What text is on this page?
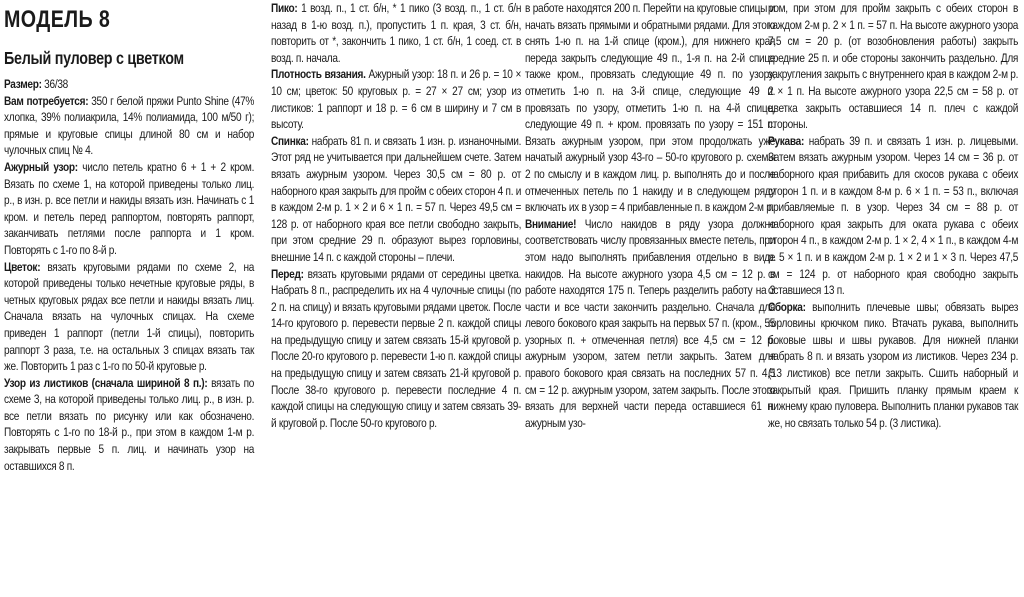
МОДЕЛЬ 8
Белый пуловер с цветком
Размер: 36/38
Вам потребуется: 350 г белой пряжи Punto Shine (47% хлопка, 39% полиакрила, 14% полиамида, 100 м/50 г); прямые и круговые спицы длиной 80 см и набор чулочных спиц № 4.
Ажурный узор: число петель кратно 6 + 1 + 2 кром. Вязать по схеме 1, на которой приведены только лиц. р., в изн. р. все петли и накиды вязать изн. Начинать с 1 кром. и петель перед раппортом, повторять раппорт, заканчивать петлями после раппорта и 1 кром. Повторять с 1-го по 8-й р.
Цветок: вязать круговыми рядами по схеме 2, на которой приведены только нечетные круговые ряды, в четных круговых рядах все петли и накиды вязать лиц. Сначала вязать на чулочных спицах. На схеме приведен 1 раппорт (петли 1-й спицы), повторить раппорт 3 раза, т.е. на остальных 3 спицах вязать так же. Повторить 1 раз с 1-го по 50-й круговые р.
Узор из листиков (сначала шириной 8 п.): вязать по схеме 3, на которой приведены только лиц. р., в изн. р. все петли вязать по рисунку или как обозначено. Повторять с 1-го по 18-й р., при этом в каждом 1-м р. закрывать первые 5 п. лиц. и начинать узор на оставшихся 8 п.
Пико: 1 возд. п., 1 ст. б/н, * 1 пико (3 возд. п., 1 ст. б/н назад в 1-ю возд. п.), пропустить 1 п. края, 3 ст. б/н, повторить от *, закончить 1 пико, 1 ст. б/н, 1 соед. ст. в возд. п. начала.
Плотность вязания. Ажурный узор: 18 п. и 26 р. = 10 × 10 см; цветок: 50 круговых р. = 27 × 27 см; узор из листиков: 1 раппорт и 18 р. = 6 см в ширину и 7 см в высоту.
Спинка: набрать 81 п. и связать 1 изн. р. изнаночными. Этот ряд не учитывается при дальнейшем счете. Затем вязать ажурным узором. Через 30,5 см = 80 р. от наборного края закрыть для пройм с обеих сторон 4 п. и в каждом 2-м р. 1 × 2 и 6 × 1 п. = 57 п. Через 49,5 см = 128 р. от наборного края все петли свободно закрыть, при этом средние 29 п. образуют вырез горловины, внешние 14 п. с каждой стороны – плечи.
Перед: вязать круговыми рядами от середины цветка. Набрать 8 п., распределить их на 4 чулочные спицы (по 2 п. на спицу) и вязать круговыми рядами цветок. После 14-го кругового р. перевести первые 2 п. каждой спицы на предыдущую спицу и затем связать 15-й круговой р. После 20-го кругового р. перевести 1-ю п. каждой спицы на предыдущую спицу и затем связать 21-й круговой р. После 38-го кругового р. перевести последние 4 п. каждой спицы на следующую спицу и затем связать 39-й круговой р. После 50-го кругового р.
в работе находятся 200 п. Перейти на круговые спицы и начать вязать прямыми и обратными рядами. Для этого снять 1-ю п. на 1-й спице (кром.), для нижнего края переда закрыть следующие 49 п., 1-я п. на 2-й спице также кром., провязать следующие 49 п. по узору, отметить 1-ю п. на 3-й спице, следующие 49 п. провязать по узору, отметить 1-ю п. на 4-й спице, следующие 49 п. + кром. провязать по узору = 151 п. Вязать ажурным узором, при этом продолжать уже начатый ажурный узор 43-го – 50-го кругового р. схемы 2 по смыслу и в каждом лиц. р. выполнять до и после отмеченных петель по 1 накиду и в следующем ряду включать их в узор = 4 прибавленные п. в каждом 2-м р.
Внимание! Число накидов в ряду узора должно соответствовать числу провязанных вместе петель, при этом надо выполнять прибавления отдельно в виде накидов. На высоте ажурного узора 4,5 см = 12 р. в работе находятся 175 п. Теперь разделить работу на 3 части и все части закончить раздельно. Сначала для левого бокового края закрыть на первых 57 п. (кром., 55 узорных п. + отмеченная петля) все 4,5 см = 12 р. ажурным узором, затем петли закрыть. Затем для правого бокового края связать на последних 57 п. 4,5 см = 12 р. ажурным узором, затем закрыть. После этого вязать для верхней части переда оставшиеся 61 п. ажурным узо-
ром, при этом для пройм закрыть с обеих сторон в каждом 2-м р. 2 × 1 п. = 57 п. На высоте ажурного узора 7,5 см = 20 р. (от возобновления работы) закрыть средние 25 п. и обе стороны закончить раздельно. Для закругления закрыть с внутреннего края в каждом 2-м р. 2 × 1 п. На высоте ажурного узора 22,5 см = 58 р. от цветка закрыть оставшиеся 14 п. плеч с каждой стороны.
Рукава: набрать 39 п. и связать 1 изн. р. лицевыми. Затем вязать ажурным узором. Через 14 см = 36 р. от наборного края прибавить для скосов рукава с обеих сторон 1 п. и в каждом 8-м р. 6 × 1 п. = 53 п., включая прибавляемые п. в узор. Через 34 см = 88 р. от наборного края закрыть для оката рукава с обеих сторон 4 п., в каждом 2-м р. 1 × 2, 4 × 1 п., в каждом 4-м р. 5 × 1 п. и в каждом 2-м р. 1 × 2 и 1 × 3 п. Через 47,5 см = 124 р. от наборного края свободно закрыть оставшиеся 13 п.
Сборка: выполнить плечевые швы; обвязать вырез горловины крючком пико. Втачать рукава, выполнить боковые швы и швы рукавов. Для нижней планки набрать 8 п. и вязать узором из листиков. Через 234 р. (13 листиков) все петли закрыть. Сшить наборный и закрытый края. Пришить планку прямым краем к нижнему краю пуловера. Выполнить планки рукавов так же, но связать только 54 р. (3 листика).
